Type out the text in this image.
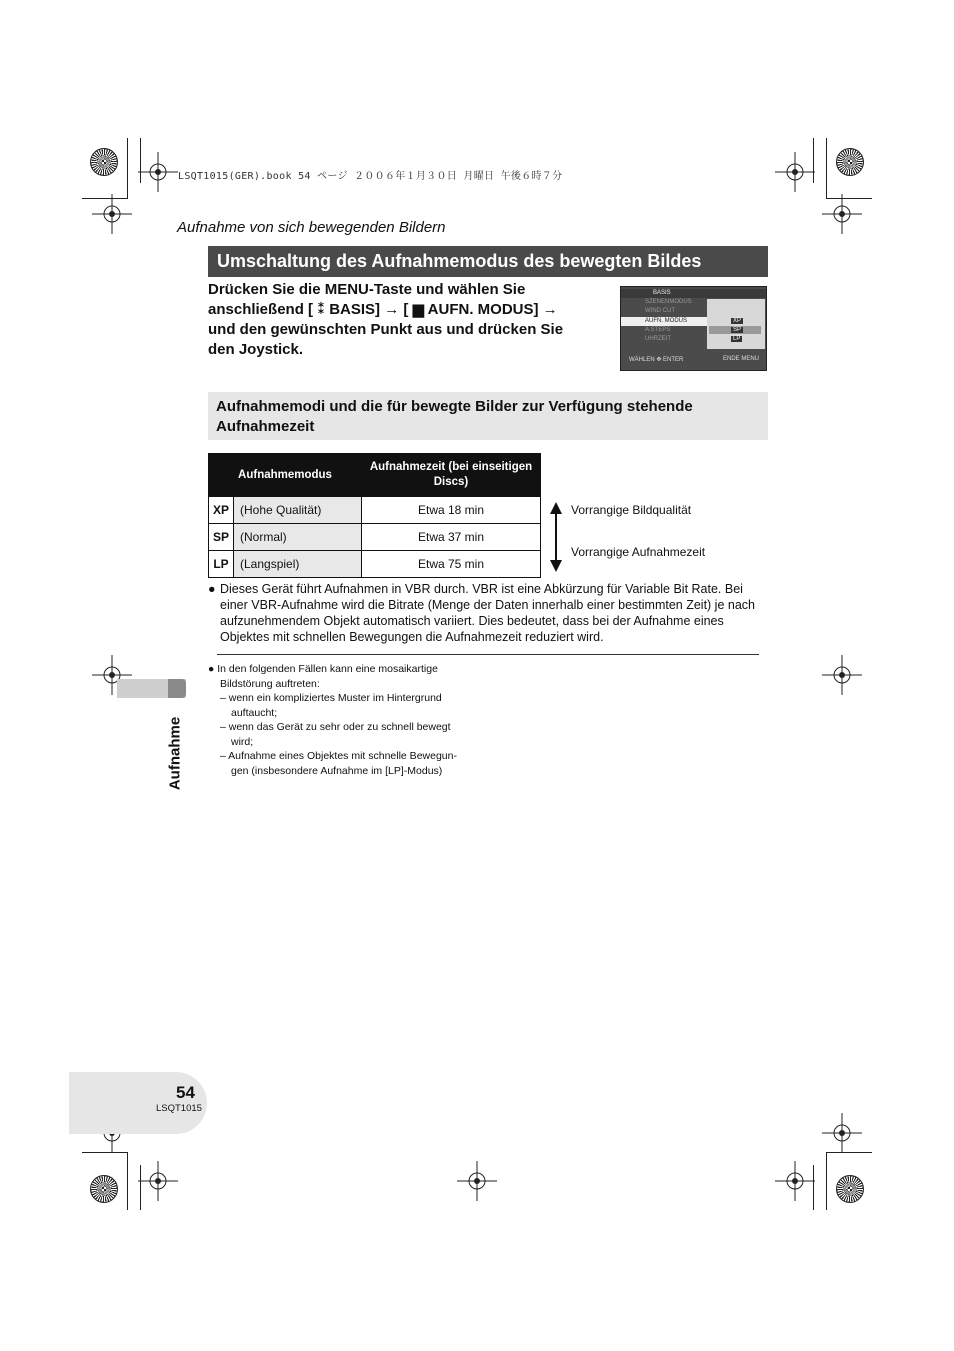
LSQT1015(GER).book 54 ページ ２００６年１月３０日 月曜日 午後６時７分
Aufnahme von sich bewegenden Bildern
Umschaltung des Aufnahmemodus des bewegten Bildes
Drücken Sie die MENU-Taste und wählen Sie
anschließend [ ⁑ BASIS] → [ ▆ AUFN. MODUS] →
und den gewünschten Punkt aus und drücken Sie
den Joystick.
BASIS
SZENENMODUS
WIND CUT
AUFN. MODUS
A.STEPS
UHRZEIT
XP
SP
LP
WÄHLEN ✥ ENTER	ENDE MENU
Aufnahmemodi und die für bewegte Bilder zur Verfügung stehende Aufnahmezeit
Aufnahmemodus		Aufnahmezeit (bei einseitigen Discs)
XP	(Hohe Qualität)	Etwa 18 min
SP	(Normal)	Etwa 37 min
LP	(Langspiel)	Etwa 75 min
Vorrangige Bildqualität
Vorrangige Aufnahmezeit
● Dieses Gerät führt Aufnahmen in VBR durch. VBR ist eine Abkürzung für Variable Bit Rate. Bei einer VBR-Aufnahme wird die Bitrate (Menge der Daten innerhalb einer bestimmten Zeit) je nach aufzunehmendem Objekt automatisch variiert. Dies bedeutet, dass bei der Aufnahme eines Objektes mit schnellen Bewegungen die Aufnahmezeit reduziert wird.
● In den folgenden Fällen kann eine mosaikartige
Bildstörung auftreten:
– wenn ein kompliziertes Muster im Hintergrund
auftaucht;
– wenn das Gerät zu sehr oder zu schnell bewegt
wird;
– Aufnahme eines Objektes mit schnelle Bewegun-
gen (insbesondere Aufnahme im [LP]-Modus)
Aufnahme
54
LSQT1015
